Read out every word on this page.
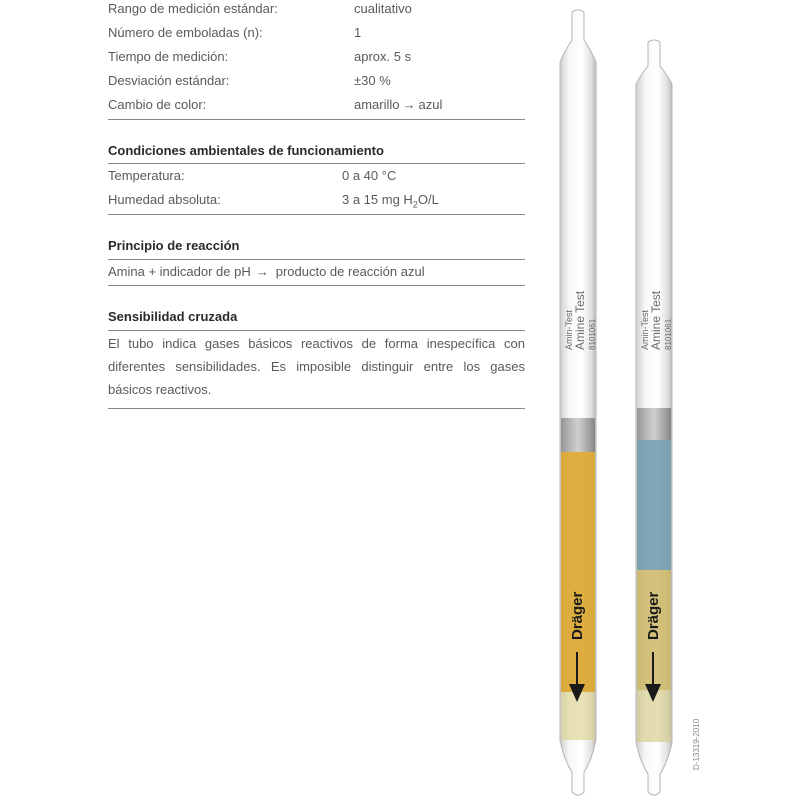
Rango de medición estándar:	cualitativo
Número de emboladas (n):	1
Tiempo de medición:	aprox. 5 s
Desviación estándar:	±30 %
Cambio de color:	amarillo → azul
Condiciones ambientales de funcionamiento
Temperatura:	0 a 40 °C
Humedad absoluta:	3 a 15 mg $H_2O/L$
Principio de reacción
Amina + indicador de pH → producto de reacción azul
Sensibilidad cruzada
El tubo indica gases básicos reactivos de forma inespecífica con diferentes sensibilidades. Es imposible distinguir entre los gases básicos reactivos.
Amin-Test Amine Test 8101061
Dräger
Amin-Test Amine Test 8101061
Dräger
D-13319-2010
